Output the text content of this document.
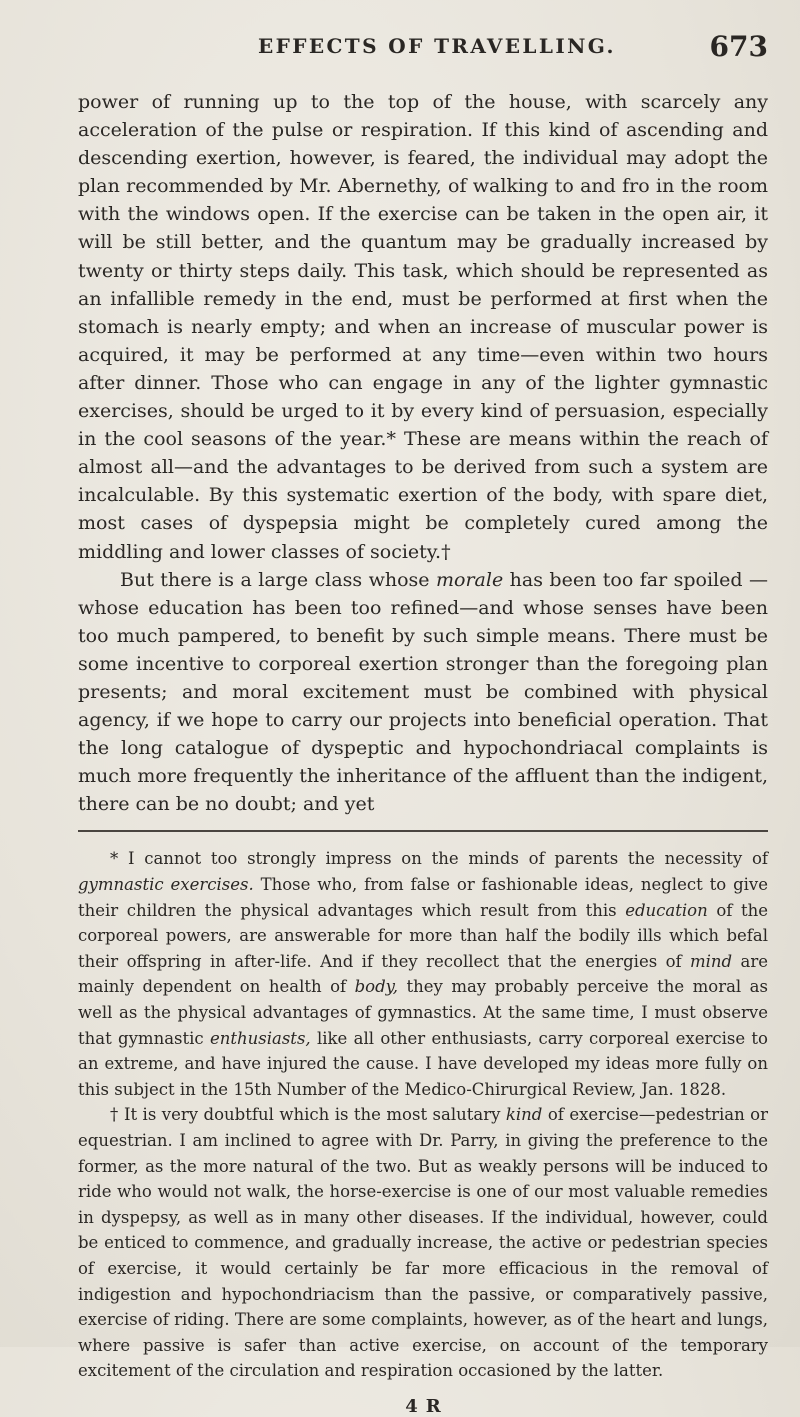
EFFECTS OF TRAVELLING.	673

power of running up to the top of the house, with scarcely any acceleration of the pulse or respiration. If this kind of ascending and descending exertion, however, is feared, the individual may adopt the plan recommended by Mr. Abernethy, of walking to and fro in the room with the windows open. If the exercise can be taken in the open air, it will be still better, and the quantum may be gradually increased by twenty or thirty steps daily. This task, which should be represented as an infallible remedy in the end, must be performed at first when the stomach is nearly empty; and when an increase of muscular power is acquired, it may be performed at any time—even within two hours after dinner. Those who can engage in any of the lighter gymnastic exercises, should be urged to it by every kind of persuasion, especially in the cool seasons of the year.* These are means within the reach of almost all—and the advantages to be derived from such a system are incalculable. By this systematic exertion of the body, with spare diet, most cases of dyspepsia might be completely cured among the middling and lower classes of society.†

But there is a large class whose morale has been too far spoiled —whose education has been too refined—and whose senses have been too much pampered, to benefit by such simple means. There must be some incentive to corporeal exertion stronger than the foregoing plan presents; and moral excitement must be combined with physical agency, if we hope to carry our projects into beneficial operation. That the long catalogue of dyspeptic and hypochondriacal complaints is much more frequently the inheritance of the affluent than the indigent, there can be no doubt; and yet

* I cannot too strongly impress on the minds of parents the necessity of gymnastic exercises. Those who, from false or fashionable ideas, neglect to give their children the physical advantages which result from this education of the corporeal powers, are answerable for more than half the bodily ills which befal their offspring in after-life. And if they recollect that the energies of mind are mainly dependent on health of body, they may probably perceive the moral as well as the physical advantages of gymnastics. At the same time, I must observe that gymnastic enthusiasts, like all other enthusiasts, carry corporeal exercise to an extreme, and have injured the cause. I have developed my ideas more fully on this subject in the 15th Number of the Medico-Chirurgical Review, Jan. 1828.

† It is very doubtful which is the most salutary kind of exercise—pedestrian or equestrian. I am inclined to agree with Dr. Parry, in giving the preference to the former, as the more natural of the two. But as weakly persons will be induced to ride who would not walk, the horse-exercise is one of our most valuable remedies in dyspepsy, as well as in many other diseases. If the individual, however, could be enticed to commence, and gradually increase, the active or pedestrian species of exercise, it would certainly be far more efficacious in the removal of indigestion and hypochondriacism than the passive, or comparatively passive, exercise of riding. There are some complaints, however, as of the heart and lungs, where passive is safer than active exercise, on account of the temporary excitement of the circulation and respiration occasioned by the latter.

4 R
